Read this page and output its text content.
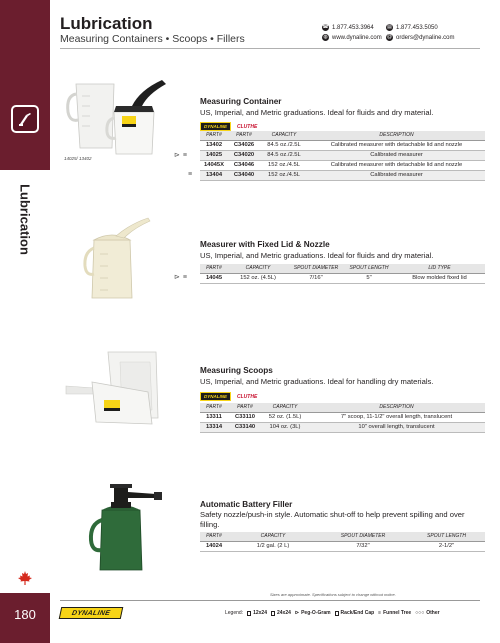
Lubrication
180
Lubrication
Measuring Containers • Scoops • Fillers
☎ 1.877.453.3964	▤ 1.877.453.5050
◍ www.dynaline.com @ orders@dynaline.com
14025/ 13402
Measuring Container
US, Imperial, and Metric graduations. Ideal for fluids and dry material.
DYNALINE	CLUTHE
PART#	PART#	CAPACITY	DESCRIPTION
13402	C34026	84.5 oz./2.5L	Calibrated measurer with detachable lid and nozzle
14025	C34020	84.5 oz./2.5L	Calibrated measurer
14045X	C34046	152 oz./4.5L	Calibrated measurer with detachable lid and nozzle
13404	C34040	152 oz./4.5L	Calibrated measurer
⊳ ≡
≡
Measurer with Fixed Lid & Nozzle
US, Imperial, and Metric graduations. Ideal for fluids and dry material.
PART#	CAPACITY	SPOUT DIAMETER	SPOUT LENGTH	LID TYPE
14045	152 oz. (4.5L)	7/16"	5"	Blow molded fixed lid
⊳ ≡
Measuring Scoops
US, Imperial, and Metric graduations. Ideal for handling dry materials.
DYNALINE	CLUTHE
PART#	PART#	CAPACITY	DESCRIPTION
13311	C33110	52 oz. (1.5L)	7" scoop, 11-1/2" overall length, translucent
13314	C33140	104 oz. (3L)	10" overall length, translucent
Automatic Battery Filler
Safety nozzle/push-in style. Automatic shut-off to help prevent spilling and over filling.
PART#	CAPACITY	SPOUT DIAMETER	SPOUT LENGTH
14024	1/2 gal. (2 L)	7/32"	2-1/2"
Sizes are approximate. Specifications subject to change without notice.
DYNALINE	Legend: 12x24 24x24 ⊳ Peg-O-Gram Rack/End Cap ≡ Funnel Tree ○○○ Other
